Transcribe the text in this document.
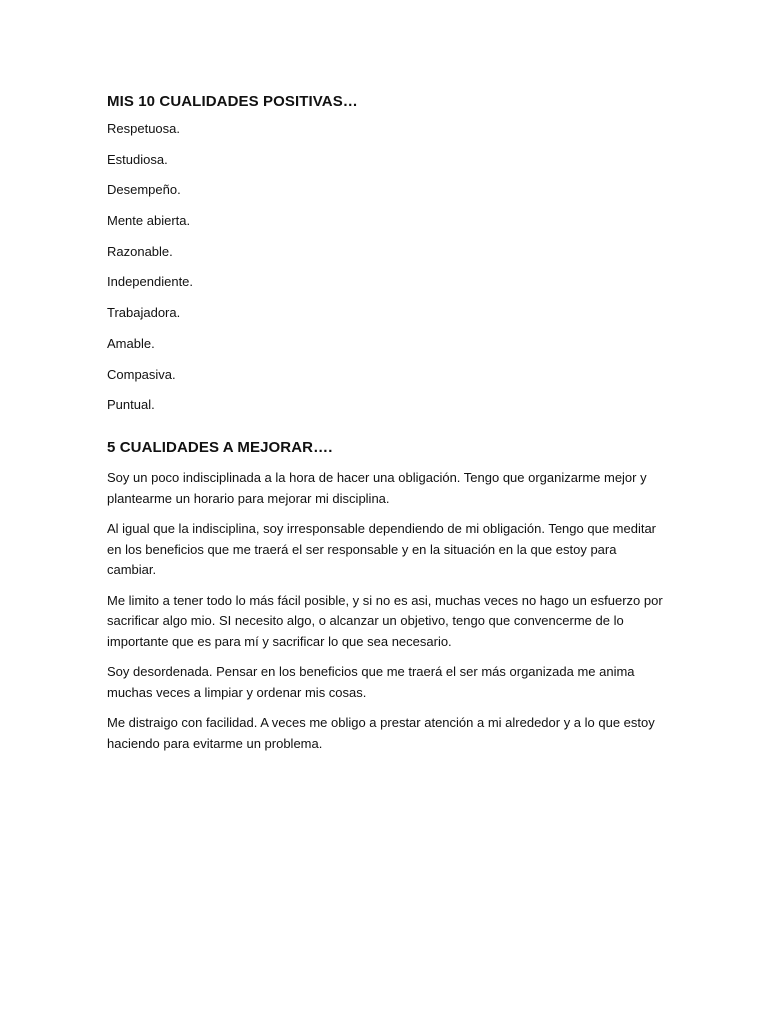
MIS 10 CUALIDADES POSITIVAS…
Respetuosa.
Estudiosa.
Desempeño.
Mente abierta.
Razonable.
Independiente.
Trabajadora.
Amable.
Compasiva.
Puntual.
5 CUALIDADES A MEJORAR….

Soy un poco indisciplinada a la hora de hacer una obligación. Tengo que organizarme mejor y plantearme un horario para mejorar mi disciplina.

Al igual que la indisciplina, soy irresponsable dependiendo de mi obligación. Tengo que meditar en los beneficios que me traerá el ser responsable y en la situación en la que estoy para cambiar.

Me limito a tener todo lo más fácil posible, y si no es asi, muchas veces no hago un esfuerzo por sacrificar algo mio. SI necesito algo, o alcanzar un objetivo, tengo que convencerme de lo importante que es para mí y sacrificar lo que sea necesario.

Soy desordenada. Pensar en los beneficios que me traerá el ser más organizada me anima muchas veces a limpiar y ordenar mis cosas.

Me distraigo con facilidad. A veces me obligo a prestar atención a mi alrededor y a lo que estoy haciendo para evitarme un problema.
